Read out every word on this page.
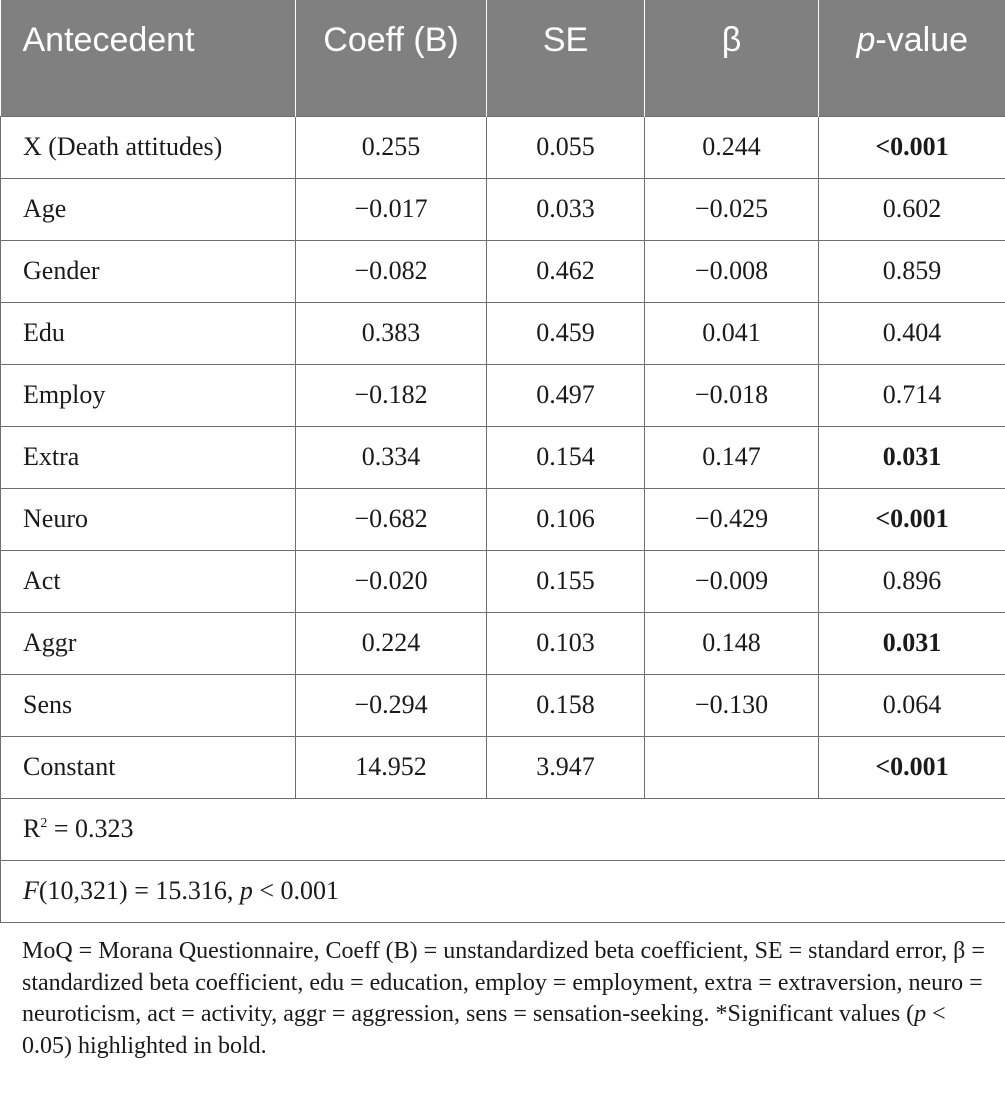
Antecedent	Coeff (B)	SE	β	p-value
X (Death attitudes)	0.255	0.055	0.244	<0.001
Age	−0.017	0.033	−0.025	0.602
Gender	−0.082	0.462	−0.008	0.859
Edu	0.383	0.459	0.041	0.404
Employ	−0.182	0.497	−0.018	0.714
Extra	0.334	0.154	0.147	0.031
Neuro	−0.682	0.106	−0.429	<0.001
Act	−0.020	0.155	−0.009	0.896
Aggr	0.224	0.103	0.148	0.031
Sens	−0.294	0.158	−0.130	0.064
Constant	14.952	3.947		<0.001
$R^2 = 0.323$				
F(10,321) = 15.316, p < 0.001				
MoQ = Morana Questionnaire, Coeff (B) = unstandardized beta coefficient, SE = standard error, β = standardized beta coefficient, edu = education, employ = employment, extra = extraversion, neuro = neuroticism, act = activity, aggr = aggression, sens = sensation-seeking. *Significant values (p < 0.05) highlighted in bold.
